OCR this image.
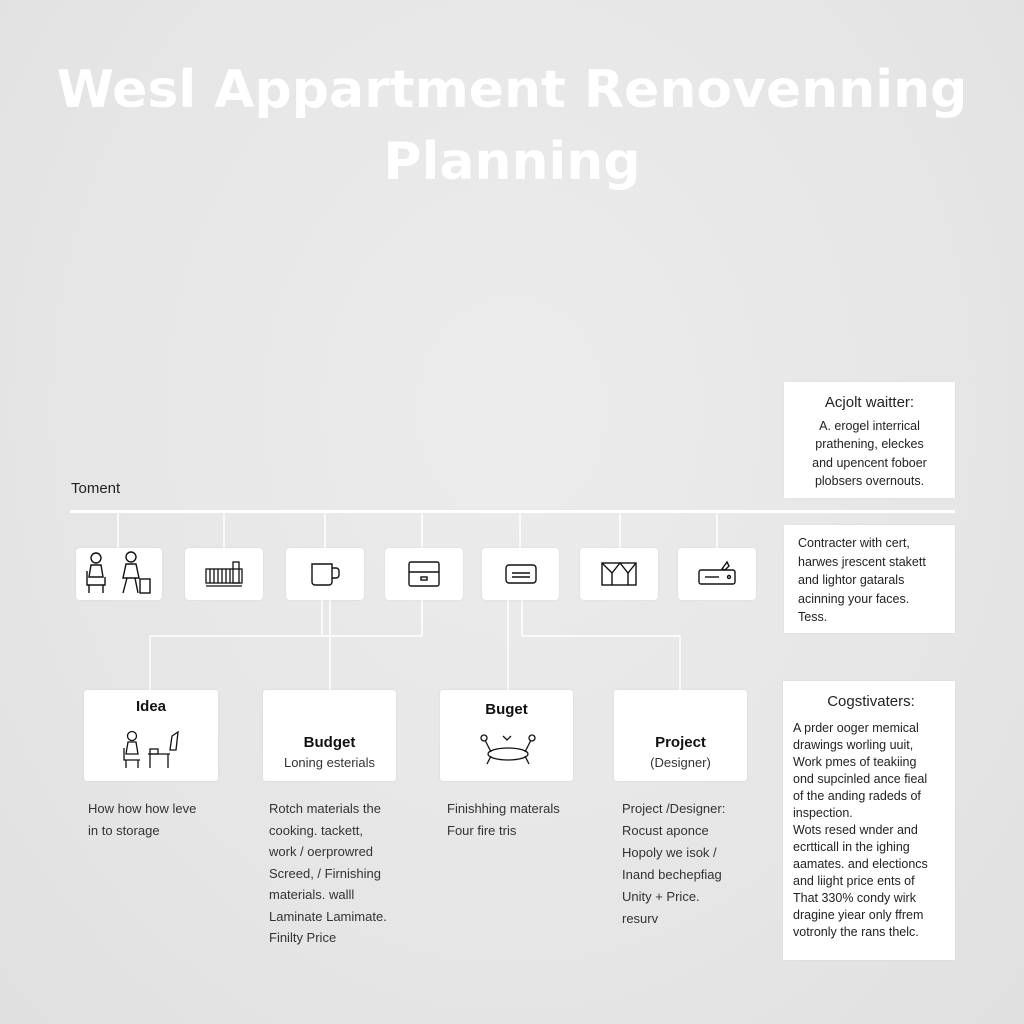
Wesl Appartment Renovenning
Planning
Toment
Idea
Budget
Loning esterials
Buget
Project
(Designer)

How how how leve
in to storage

Rotch materials the
cooking. tackett,
work / oerprowred
Screed, / Firnishing
materials. walll
Laminate Lamimate.
Finilty Price

Finishhing materals
Four fire tris

Project /Designer:
Rocust aponce
Hopoly we isok /
Inand bechepfiag
Unity + Price.
resurv

Acjolt waitter:
A. erogel interrical
prathening, eleckes
and upencent foboer
plobsers overnouts.
Contracter with cert,
harwes jrescent stakett
and lightor gatarals
acinning your faces.
Tess.
Cogstivaters:
A prder ooger memical
drawings worling uuit,
Work pmes of teakiing
ond supcinled ance fieal
of the anding radeds of
inspection.
Wots resed wnder and
ecrtticall in the ighing
aamates. and electioncs
and liight price ents of
That 330% condy wirk
dragine yiear only ffrem
votronly the rans thelc.
